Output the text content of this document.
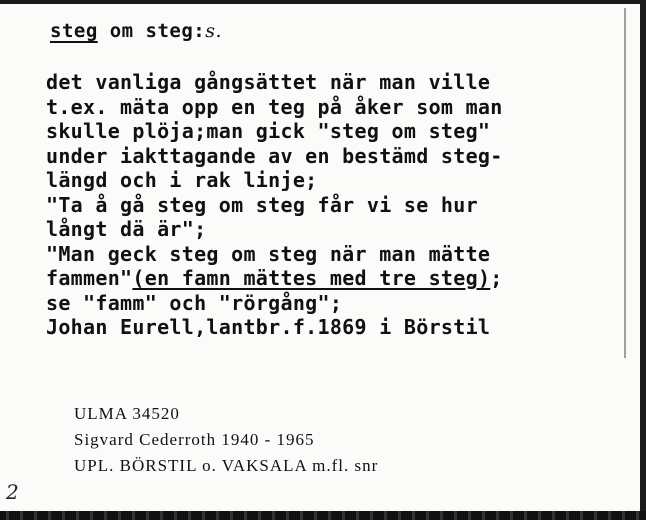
steg om steg:s.
det vanliga gångsättet när man ville
t.ex. mäta opp en teg på åker som man
skulle plöja;man gick "steg om steg"
under iakttagande av en bestämd steg-
längd och i rak linje;
"Ta å gå steg om steg får vi se hur
långt dä är";
"Man geck steg om steg när man mätte
fammen"(en famn mättes med tre steg);
se "famm" och "rörgång";
Johan Eurell,lantbr.f.1869 i Börstil
ULMA 34520
Sigvard Cederroth 1940 - 1965
UPL. BÖRSTIL o. VAKSALA m.fl. snr
2
